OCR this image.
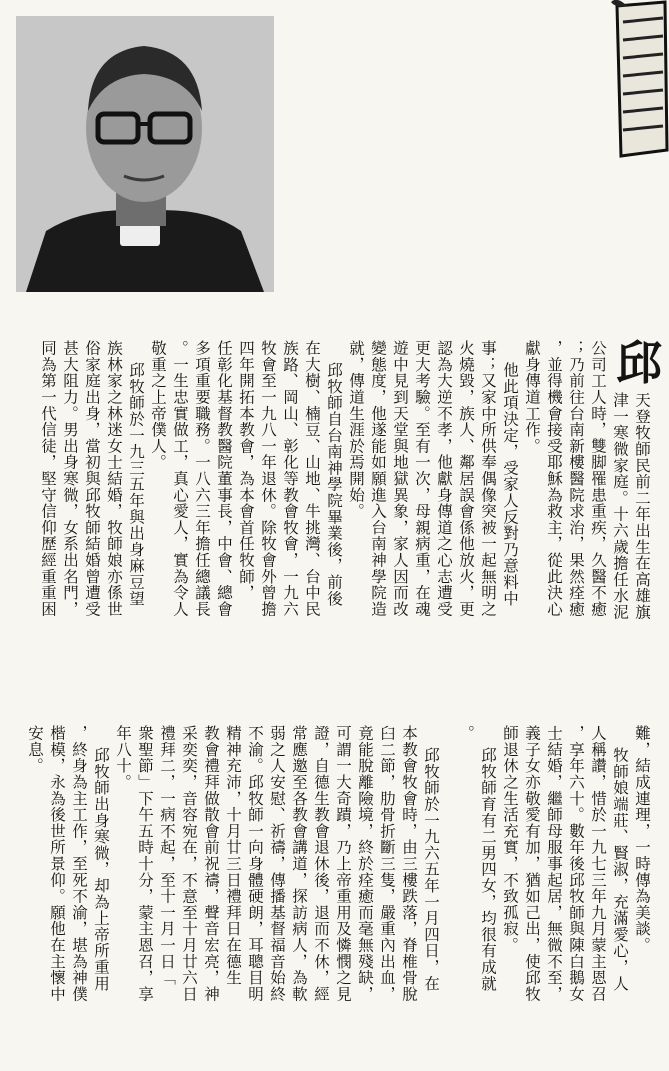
邱
天登牧師民前二年出生在高雄旗
津一寒微家庭。十六歲擔任水泥
公司工人時，雙脚罹患重疾，久醫不癒
；乃前往台南新樓醫院求治，果然痊癒
，並得機會接受耶穌為救主，從此決心
獻身傳道工作。
他此項決定，受家人反對乃意料中
事；又家中所供奉偶像突被一起無明之
火燒毀，族人、鄰居誤會係他放火，更
認為大逆不孝，他獻身傳道之心志遭受
更大考驗。至有一次，母親病重，在魂
遊中見到天堂與地獄異象，家人因而改
變態度，他遂能如願進入台南神學院造
就，傳道生涯於焉開始。
邱牧師自台南神學院畢業後，前後
在大樹、楠豆、山地、牛挑灣、台中民
族路、岡山、彰化等教會牧會，一九六
牧會至一九八一年退休。除牧會外曾擔
四年開拓本教會，為本會首任牧師，
任彰化基督教醫院董事長，中會、總會
多項重要職務。一八六三年擔任總議長
。一生忠實做工，真心愛人，實為令人
敬重之上帝僕人。
邱牧師於一九三五年與出身麻豆望
族林家之林迷女士結婚，牧師娘亦係世
俗家庭出身，當初與邱牧師結婚曾遭受
甚大阻力。男出身寒微，女系出名門，
同為第一代信徒，堅守信仰歷經重重困
難，結成連理，一時傳為美談。
牧師娘端莊、賢淑，充滿愛心，人
人稱讚，惜於一九七三年九月蒙主恩召
，享年六十。數年後邱牧師與陳白鵝女
士結婚，繼師母服事起居，無微不至，
義子女亦敬愛有加，猶如己出，使邱牧
師退休之生活充實，不致孤寂。
邱牧師育有二男四女，均很有成就
。
邱牧師於一九六五年一月四日，在
本教會牧會時，由三樓跌落，脊椎骨脫
臼二節，肋骨折斷三隻，嚴重內出血，
竟能脫離險境，終於痊癒而毫無殘缺，
可謂一大奇蹟，乃上帝重用及憐憫之見
證，自德生教會退休後，退而不休，經
常應邀至各教會講道，探訪病人，為軟
弱之人安慰、祈禱，傳播基督福音始終
不渝。邱牧師一向身體硬朗，耳聰目明
精神充沛，十月廿三日禮拜日在德生
教會禮拜做散會前祝禱，聲音宏亮，神
采奕奕，音容宛在，不意至十月廿六日
禮拜二，一病不起，至十一月一日「
衆聖節」下午五時十分，蒙主恩召，享
年八十。
邱牧師出身寒微，却為上帝所重用
，終身為主工作，至死不渝，堪為神僕
楷模，永為後世所景仰。願他在主懷中
安息。
